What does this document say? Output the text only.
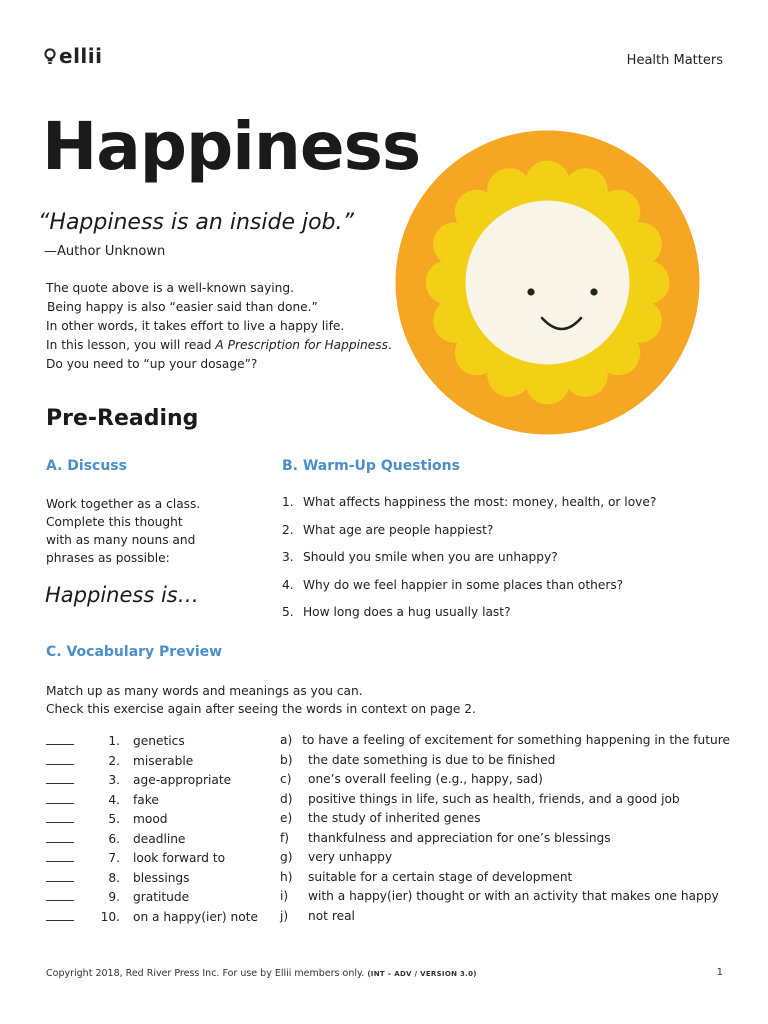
ellii	Health Matters
Happiness
“Happiness is an inside job.”
—Author Unknown

The quote above is a well-known saying.

Being happy is also “easier said than done.”

In other words, it takes effort to live a happy life.

In this lesson, you will read A Prescription for Happiness.

Do you need to “up your dosage”?

Pre-Reading
A. Discuss

Work together as a class.

Complete this thought

with as many nouns and

phrases as possible:

Happiness is…
B. Warm-Up Questions
1. What affects happiness the most: money, health, or love?
2. What age are people happiest?
3. Should you smile when you are unhappy?
4. Why do we feel happier in some places than others?
5. How long does a hug usually last?
C. Vocabulary Preview

Match up as many words and meanings as you can.

Check this exercise again after seeing the words in context on page 2.

1. genetics
2. miserable
3. age-appropriate
4. fake
5. mood
6. deadline
7. look forward to
8. blessings
9. gratitude
10. on a happy(ier) note
a) to have a feeling of excitement for something happening in the future
b)	the date something is due to be finished
c)	one’s overall feeling (e.g., happy, sad)
d)	positive things in life, such as health, friends, and a good job
e)	the study of inherited genes
f)	thankfulness and appreciation for one’s blessings
g)	very unhappy
h)	suitable for a certain stage of development
i)	with a happy(ier) thought or with an activity that makes one happy
j)	not real
Copyright 2018, Red River Press Inc. For use by Ellii members only. (INT – ADV / VERSION 3.0)	1
